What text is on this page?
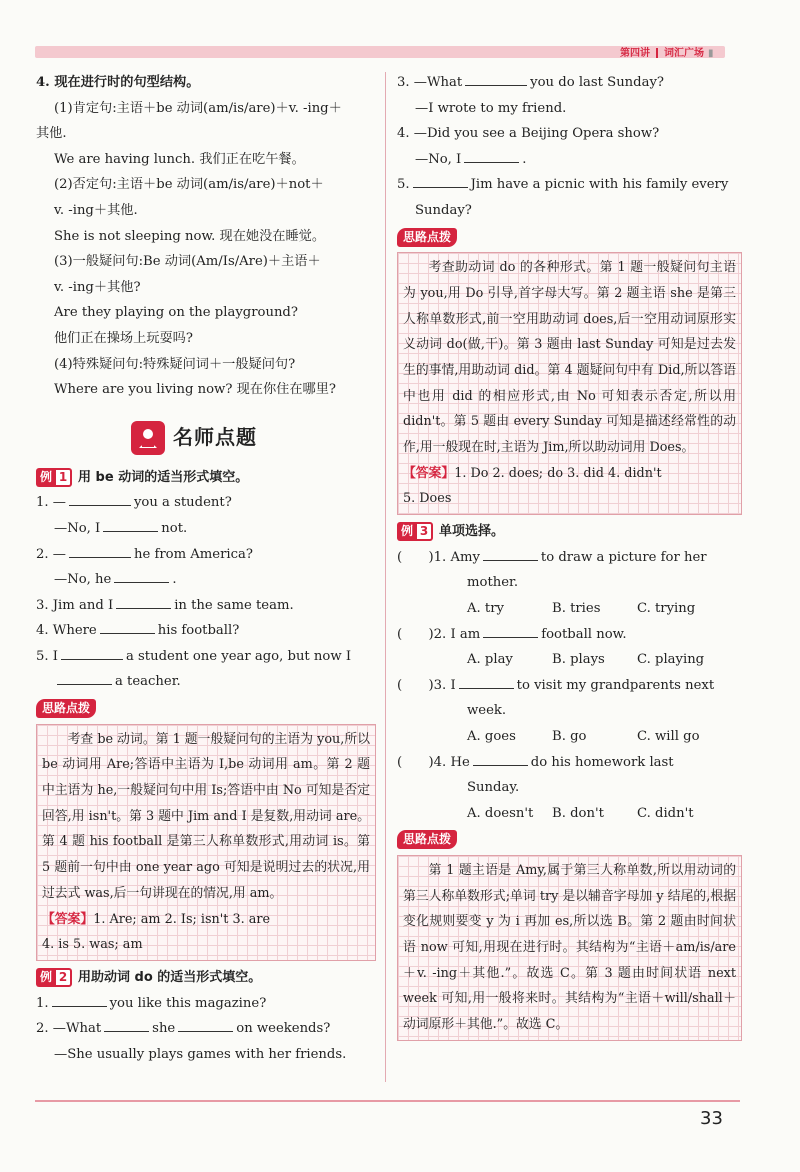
第四讲 词汇广场 ▮

4. 现在进行时的句型结构。

(1)肯定句:主语＋be 动词(am/is/are)＋v. -ing＋

其他.

We are having lunch. 我们正在吃午餐。

(2)否定句:主语＋be 动词(am/is/are)＋not＋

v. -ing＋其他.

She is not sleeping now. 现在她没在睡觉。

(3)一般疑问句:Be 动词(Am/Is/Are)＋主语＋

v. -ing＋其他?

Are they playing on the playground?

他们正在操场上玩耍吗?

(4)特殊疑问句:特殊疑问词＋一般疑问句?

Where are you living now? 现在你住在哪里?

名师点题
例 1 用 be 动词的适当形式填空。

1. —	you a student?

—No, I	not.

2. —	he from America?

—No, he	.

3. Jim and I	in the same team.

4. Where	his football?

5. I	a student one year ago, but now I

a teacher.

思路点拨

考查 be 动词。第 1 题一般疑问句的主语为 you,所以 be 动词用 Are;答语中主语为 I,be 动词用 am。第 2 题中主语为 he,一般疑问句中用 Is;答语中由 No 可知是否定回答,用 isn't。第 3 题中 Jim and I 是复数,用动词 are。第 4 题 his football 是第三人称单数形式,用动词 is。第 5 题前一句中由 one year ago 可知是说明过去的状况,用过去式 was,后一句讲现在的情况,用 am。

【答案】1. Are; am 2. Is; isn't 3. are

4. is 5. was; am

例 2 用助动词 do 的适当形式填空。

1.	you like this magazine?

2. —What	she	on weekends?

—She usually plays games with her friends.

3. —What	you do last Sunday?

—I wrote to my friend.

4. —Did you see a Beijing Opera show?

—No, I	.

5.	Jim have a picnic with his family every

Sunday?

思路点拨

考查助动词 do 的各种形式。第 1 题一般疑问句主语为 you,用 Do 引导,首字母大写。第 2 题主语 she 是第三人称单数形式,前一空用助动词 does,后一空用动词原形实义动词 do(做,干)。第 3 题由 last Sunday 可知是过去发生的事情,用助动词 did。第 4 题疑问句中有 Did,所以答语中也用 did 的相应形式,由 No 可知表示否定,所以用 didn't。第 5 题由 every Sunday 可知是描述经常性的动作,用一般现在时,主语为 Jim,所以助动词用 Does。

【答案】1. Do 2. does; do 3. did 4. didn't

5. Does

例 3 单项选择。

(　　)1. Amy	to draw a picture for her

mother.

A. try	B. tries	C. trying

(　　)2. I am	football now.

A. play	B. plays	C. playing

(　　)3. I	to visit my grandparents next

week.

A. goes	B. go	C. will go

(　　)4. He	do his homework last

Sunday.

A. doesn't	B. don't	C. didn't

思路点拨

第 1 题主语是 Amy,属于第三人称单数,所以用动词的第三人称单数形式;单词 try 是以辅音字母加 y 结尾的,根据变化规则要变 y 为 i 再加 es,所以选 B。第 2 题由时间状语 now 可知,用现在进行时。其结构为“主语＋am/is/are＋v. -ing＋其他.”。故选 C。第 3 题由时间状语 next week 可知,用一般将来时。其结构为“主语＋will/shall＋动词原形＋其他.”。故选 C。

33
